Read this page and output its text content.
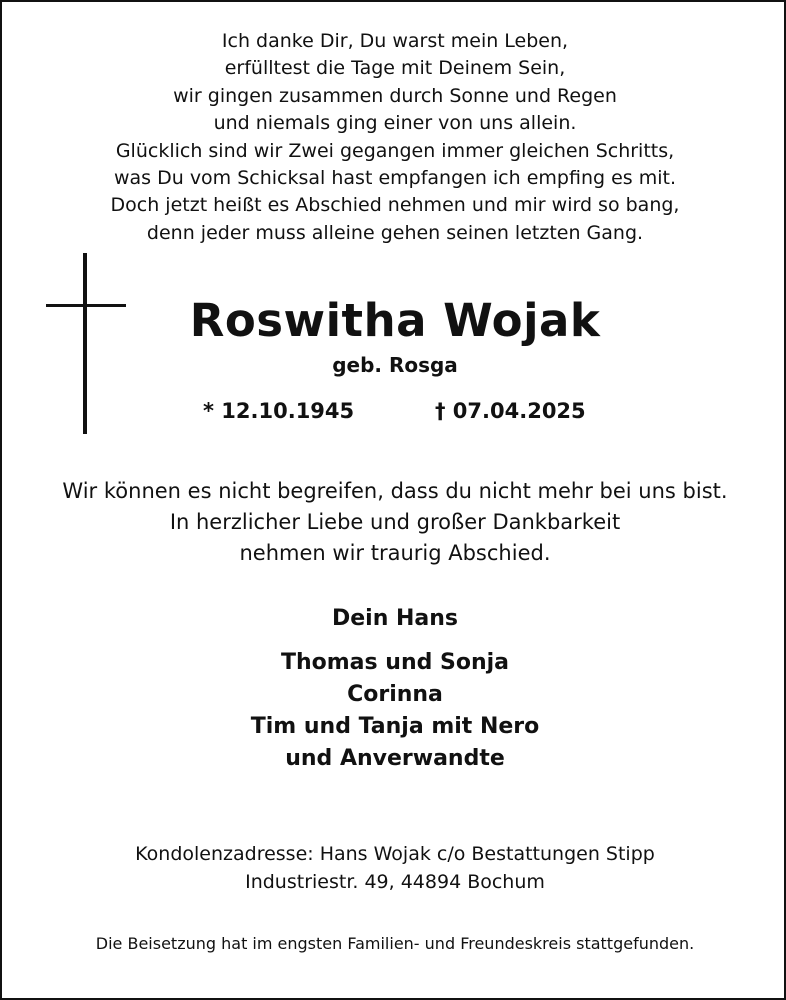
Ich danke Dir, Du warst mein Leben,
erfülltest die Tage mit Deinem Sein,
wir gingen zusammen durch Sonne und Regen
und niemals ging einer von uns allein.
Glücklich sind wir Zwei gegangen immer gleichen Schritts,
was Du vom Schicksal hast empfangen ich empfing es mit.
Doch jetzt heißt es Abschied nehmen und mir wird so bang,
denn jeder muss alleine gehen seinen letzten Gang.
Roswitha Wojak
geb. Rosga
* 12.10.1945	† 07.04.2025
Wir können es nicht begreifen, dass du nicht mehr bei uns bist.
In herzlicher Liebe und großer Dankbarkeit
nehmen wir traurig Abschied.
Dein Hans
Thomas und Sonja
Corinna
Tim und Tanja mit Nero
und Anverwandte
Kondolenzadresse: Hans Wojak c/o Bestattungen Stipp
Industriestr. 49, 44894 Bochum
Die Beisetzung hat im engsten Familien- und Freundeskreis stattgefunden.
